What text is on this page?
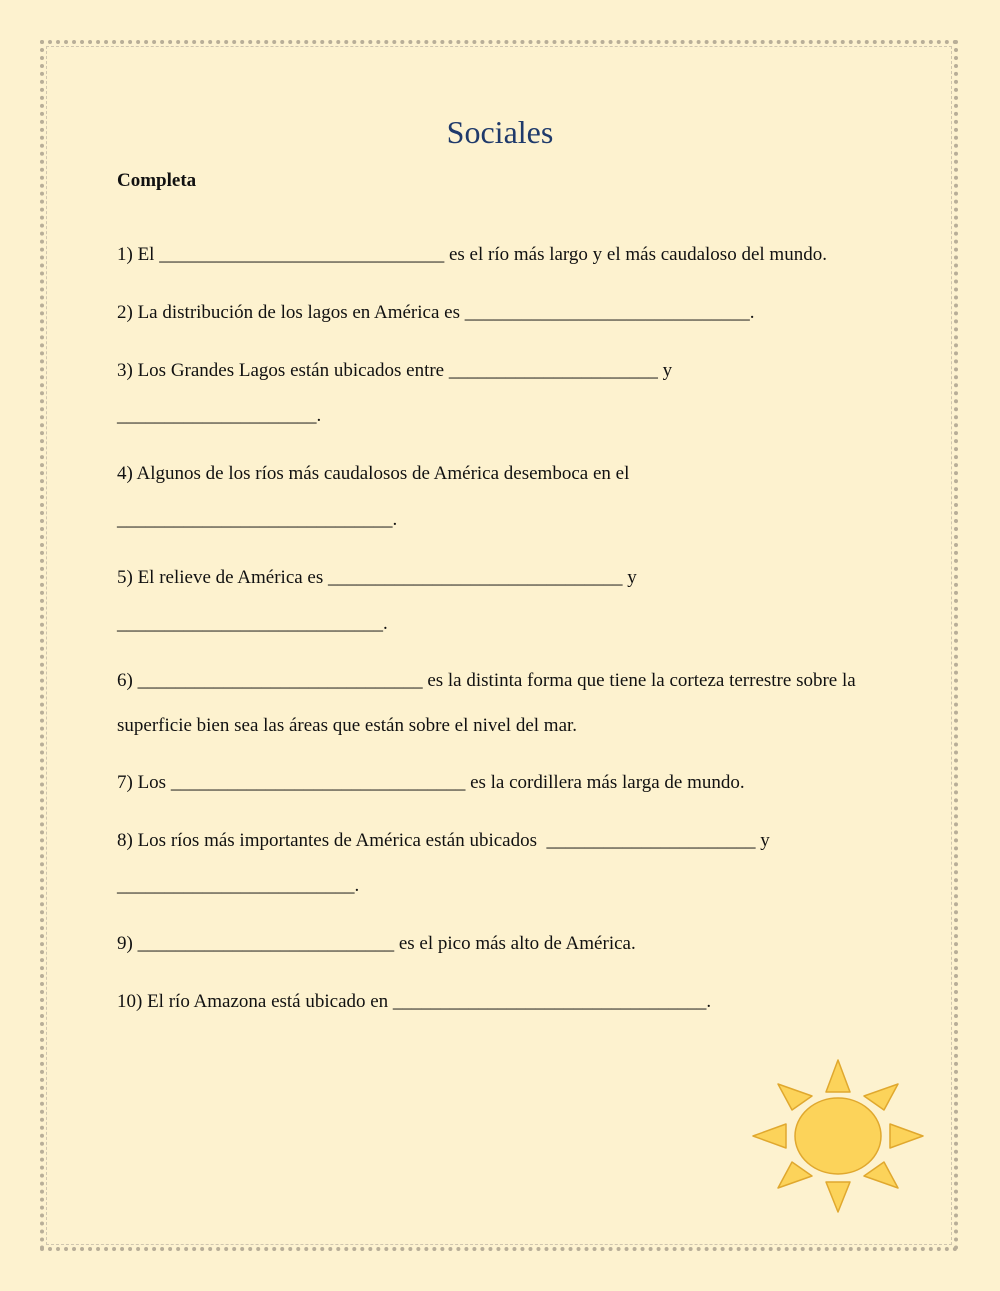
Sociales
Completa
1) El ______________________________ es el río más largo y el más caudaloso del mundo.
2) La distribución de los lagos en América es ______________________________.
3) Los Grandes Lagos están ubicados entre ______________________ y
_____________________.
4) Algunos de los ríos más caudalosos de América desemboca en el
_____________________________.
5) El relieve de América es _______________________________ y
____________________________.
6) ______________________________ es la distinta forma que tiene la corteza terrestre sobre la
superficie bien sea las áreas que están sobre el nivel del mar.
7) Los _______________________________ es la cordillera más larga de mundo.
8) Los ríos más importantes de América están ubicados  ______________________ y
_________________________.
9) ___________________________ es el pico más alto de América.
10) El río Amazona está ubicado en _________________________________.
